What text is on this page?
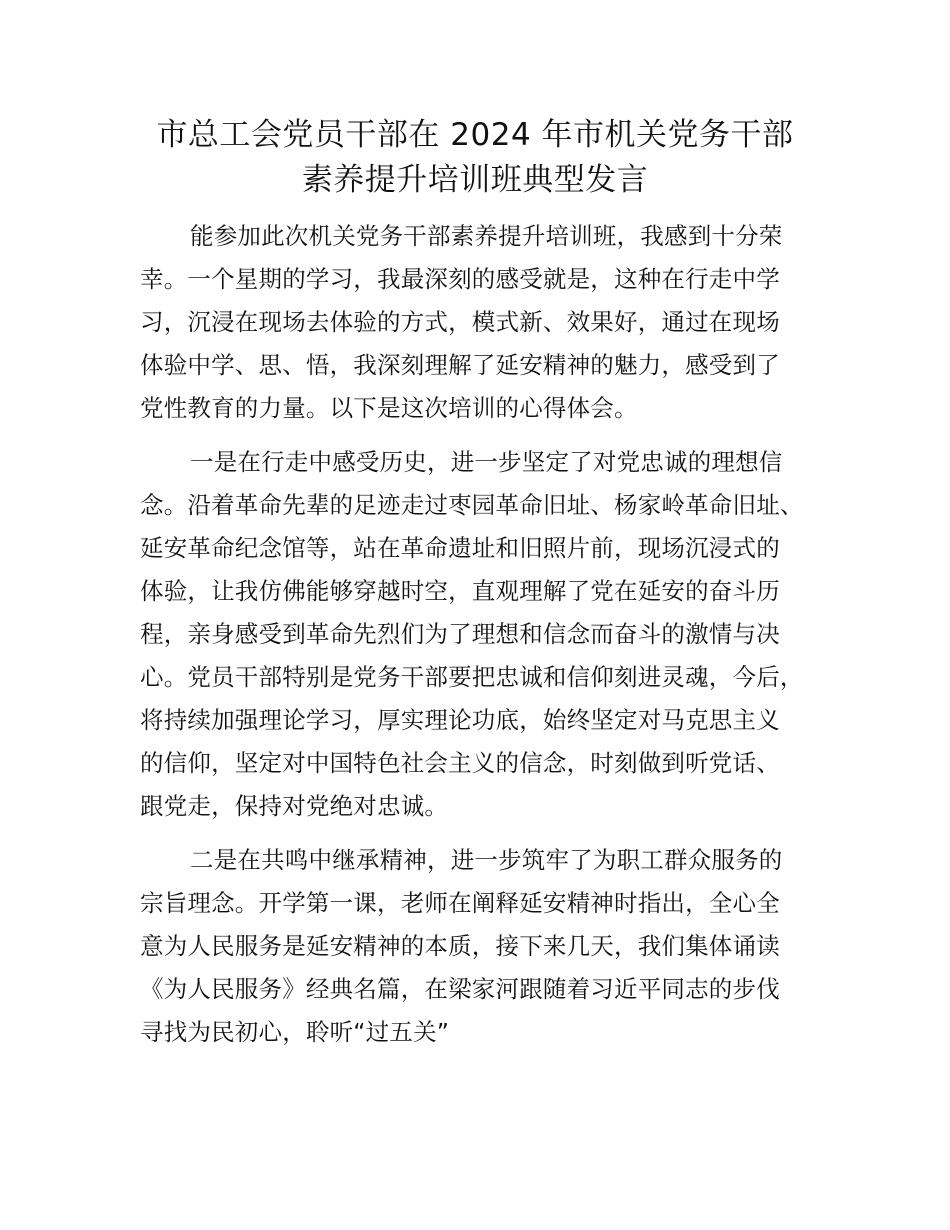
市总工会党员干部在 2024 年市机关党务干部
素养提升培训班典型发言
能参加此次机关党务干部素养提升培训班，我感到十分荣
幸。一个星期的学习，我最深刻的感受就是，这种在行走中学
习，沉浸在现场去体验的方式，模式新、效果好，通过在现场
体验中学、思、悟，我深刻理解了延安精神的魅力，感受到了
党性教育的力量。以下是这次培训的心得体会。
一是在行走中感受历史，进一步坚定了对党忠诚的理想信
念。沿着革命先辈的足迹走过枣园革命旧址、杨家岭革命旧址、
延安革命纪念馆等，站在革命遗址和旧照片前，现场沉浸式的
体验，让我仿佛能够穿越时空，直观理解了党在延安的奋斗历
程，亲身感受到革命先烈们为了理想和信念而奋斗的激情与决
心。党员干部特别是党务干部要把忠诚和信仰刻进灵魂，今后，
将持续加强理论学习，厚实理论功底，始终坚定对马克思主义
的信仰，坚定对中国特色社会主义的信念，时刻做到听党话、
跟党走，保持对党绝对忠诚。
二是在共鸣中继承精神，进一步筑牢了为职工群众服务的
宗旨理念。开学第一课，老师在阐释延安精神时指出，全心全
意为人民服务是延安精神的本质，接下来几天，我们集体诵读
《为人民服务》经典名篇，在梁家河跟随着习近平同志的步伐
寻找为民初心，聆听“过五关”
